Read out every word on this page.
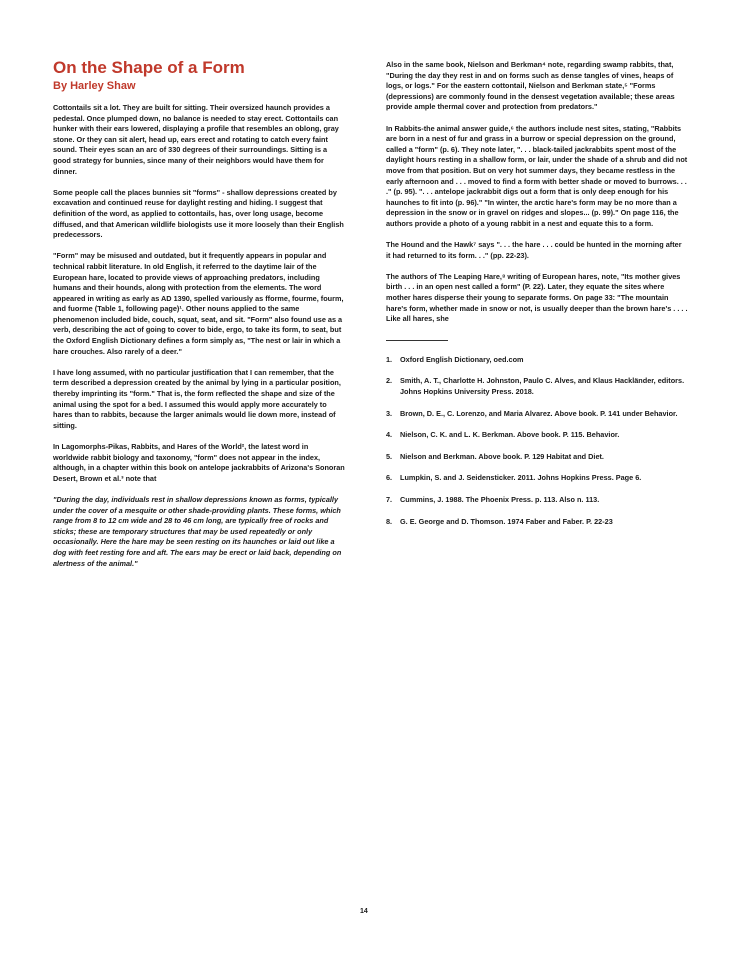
On the Shape of a Form
By Harley Shaw

Cottontails sit a lot. They are built for sitting. Their oversized haunch provides a pedestal. Once plumped down, no balance is needed to stay erect. Cottontails can hunker with their ears lowered, displaying a profile that resembles an oblong, gray stone. Or they can sit alert, head up, ears erect and rotating to catch every faint sound. Their eyes scan an arc of 330 degrees of their surroundings. Sitting is a good strategy for bunnies, since many of their neighbors would have them for dinner.

Some people call the places bunnies sit "forms" - shallow depressions created by excavation and continued reuse for daylight resting and hiding. I suggest that definition of the word, as applied to cottontails, has, over long usage, become diffused, and that American wildlife biologists use it more loosely than their English predecessors.

"Form" may be misused and outdated, but it frequently appears in popular and technical rabbit literature. In old English, it referred to the daytime lair of the European hare, located to provide views of approaching predators, including humans and their hounds, along with protection from the elements. The word appeared in writing as early as AD 1390, spelled variously as fforme, fourme, fourm, and fuorme (Table 1, following page)¹. Other nouns applied to the same phenomenon included bide, couch, squat, seat, and sit. "Form" also found use as a verb, describing the act of going to cover to bide, ergo, to take its form, to seat, but the Oxford English Dictionary defines a form simply as, "The nest or lair in which a hare crouches. Also rarely of a deer."

I have long assumed, with no particular justification that I can remember, that the term described a depression created by the animal by lying in a particular position, thereby imprinting its "form." That is, the form reflected the shape and size of the animal using the spot for a bed. I assumed this would apply more accurately to hares than to rabbits, because the larger animals would lie down more, instead of sitting.

In Lagomorphs-Pikas, Rabbits, and Hares of the World², the latest word in worldwide rabbit biology and taxonomy, "form" does not appear in the index, although, in a chapter within this book on antelope jackrabbits of Arizona's Sonoran Desert, Brown et al.³ note that

"During the day, individuals rest in shallow depressions known as forms, typically under the cover of a mesquite or other shade-providing plants. These forms, which range from 8 to 12 cm wide and 28 to 46 cm long, are typically free of rocks and sticks; these are temporary structures that may be used repeatedly or only occasionally. Here the hare may be seen resting on its haunches or laid out like a dog with feet resting fore and aft. The ears may be erect or laid back, depending on alertness of the animal."

Also in the same book, Nielson and Berkman⁴ note, regarding swamp rabbits, that, "During the day they rest in and on forms such as dense tangles of vines, heaps of logs, or logs." For the eastern cottontail, Nielson and Berkman state,⁵ "Forms (depressions) are commonly found in the densest vegetation available; these areas provide ample thermal cover and protection from predators."

In Rabbits-the animal answer guide,⁶ the authors include nest sites, stating, "Rabbits are born in a nest of fur and grass in a burrow or special depression on the ground, called a "form" (p. 6). They note later, ". . . black-tailed jackrabbits spent most of the daylight hours resting in a shallow form, or lair, under the shade of a shrub and did not move from that position. But on very hot summer days, they became restless in the early afternoon and . . . moved to find a form with better shade or moved to burrows. . . ." (p. 95). ". . . antelope jackrabbit digs out a form that is only deep enough for his haunches to fit into (p. 96)." "In winter, the arctic hare's form may be no more than a depression in the snow or in gravel on ridges and slopes... (p. 99)." On page 116, the authors provide a photo of a young rabbit in a nest and equate this to a form.

The Hound and the Hawk⁷ says ". . . the hare . . . could be hunted in the morning after it had returned to its form. . ." (pp. 22-23).

The authors of The Leaping Hare,⁸ writing of European hares, note, "Its mother gives birth . . . in an open nest called a form" (P. 22). Later, they equate the sites where mother hares disperse their young to separate forms. On page 33: "The mountain hare's form, whether made in snow or not, is usually deeper than the brown hare's . . . . Like all hares, she

1.	Oxford English Dictionary, oed.com
2.	Smith, A. T., Charlotte H. Johnston, Paulo C. Alves, and Klaus Hackländer, editors. Johns Hopkins University Press. 2018.
3.	Brown, D. E., C. Lorenzo, and Maria Alvarez. Above book. P. 141 under Behavior.
4.	Nielson, C. K. and L. K. Berkman. Above book. P. 115. Behavior.
5.	Nielson and Berkman. Above book. P. 129 Habitat and Diet.
6.	Lumpkin, S. and J. Seidensticker. 2011. Johns Hopkins Press. Page 6.
7.	Cummins, J. 1988. The Phoenix Press. p. 113. Also n. 113.
8.	G. E. George and D. Thomson. 1974 Faber and Faber. P. 22-23
14
